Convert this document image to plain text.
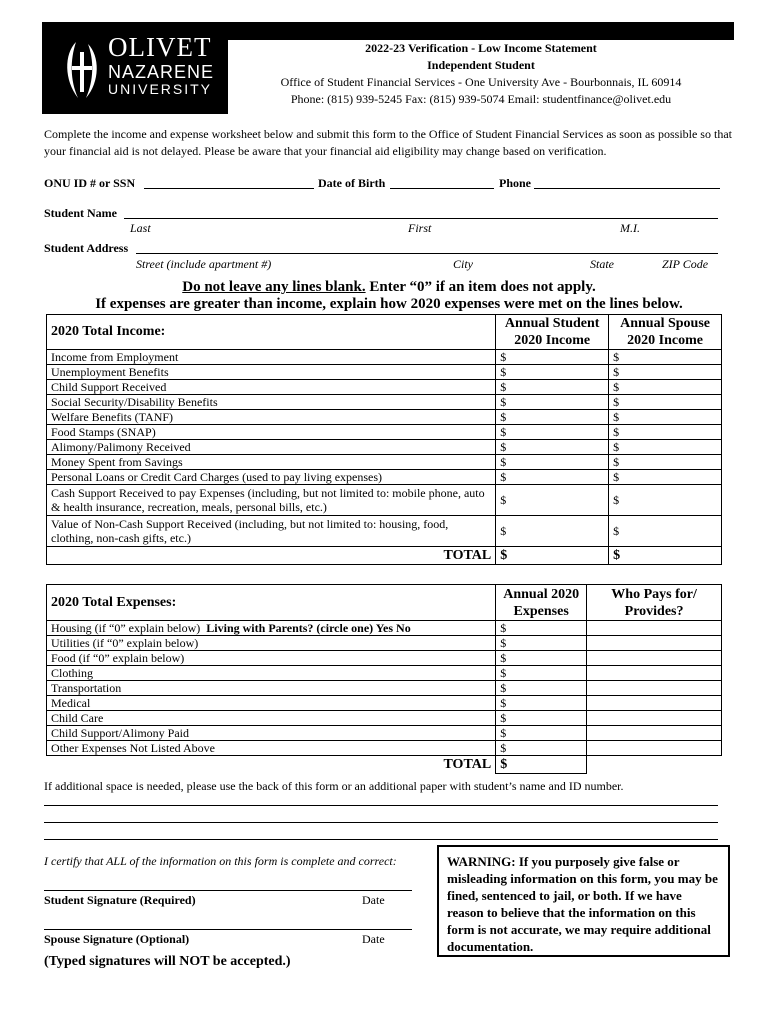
OLIVET
NAZARENE
UNIVERSITY
2022-23 Verification - Low Income Statement
Independent Student
Office of Student Financial Services - One University Ave - Bourbonnais, IL 60914
Phone: (815) 939-5245 Fax: (815) 939-5074 Email: studentfinance@olivet.edu
Complete the income and expense worksheet below and submit this form to the Office of Student Financial Services as soon as possible so that your financial aid is not delayed. Please be aware that your financial aid eligibility may change based on verification.
ONU ID # or SSN	Date of Birth	Phone
Student Name
Last	First	M.I.
Student Address
Street (include apartment #)	City	State	ZIP Code
Do not leave any lines blank. Enter “0” if an item does not apply.
If expenses are greater than income, explain how 2020 expenses were met on the lines below.
2020 Total Income:	Annual Student 2020 Income	Annual Spouse 2020 Income
Income from Employment	$	$
Unemployment Benefits	$	$
Child Support Received	$	$
Social Security/Disability Benefits	$	$
Welfare Benefits (TANF)	$	$
Food Stamps (SNAP)	$	$
Alimony/Palimony Received	$	$
Money Spent from Savings	$	$
Personal Loans or Credit Card Charges (used to pay living expenses)	$	$
Cash Support Received to pay Expenses (including, but not limited to: mobile phone, auto & health insurance, recreation, meals, personal bills, etc.)	$	$
Value of Non-Cash Support Received (including, but not limited to: housing, food, clothing, non-cash gifts, etc.)	$	$
TOTAL	$	$
2020 Total Expenses:	Annual 2020 Expenses	Who Pays for/ Provides?
Housing (if “0” explain below) Living with Parents? (circle one) Yes No	$	
Utilities (if “0” explain below)	$	
Food (if “0” explain below)	$	
Clothing	$	
Transportation	$	
Medical	$	
Child Care	$	
Child Support/Alimony Paid	$	
Other Expenses Not Listed Above	$	
TOTAL	$	
If additional space is needed, please use the back of this form or an additional paper with student’s name and ID number.
I certify that ALL of the information on this form is complete and correct:
Student Signature (Required)	Date
Spouse Signature (Optional)	Date
(Typed signatures will NOT be accepted.)
WARNING: If you purposely give false or misleading information on this form, you may be fined, sentenced to jail, or both. If we have reason to believe that the information on this form is not accurate, we may require additional documentation.
